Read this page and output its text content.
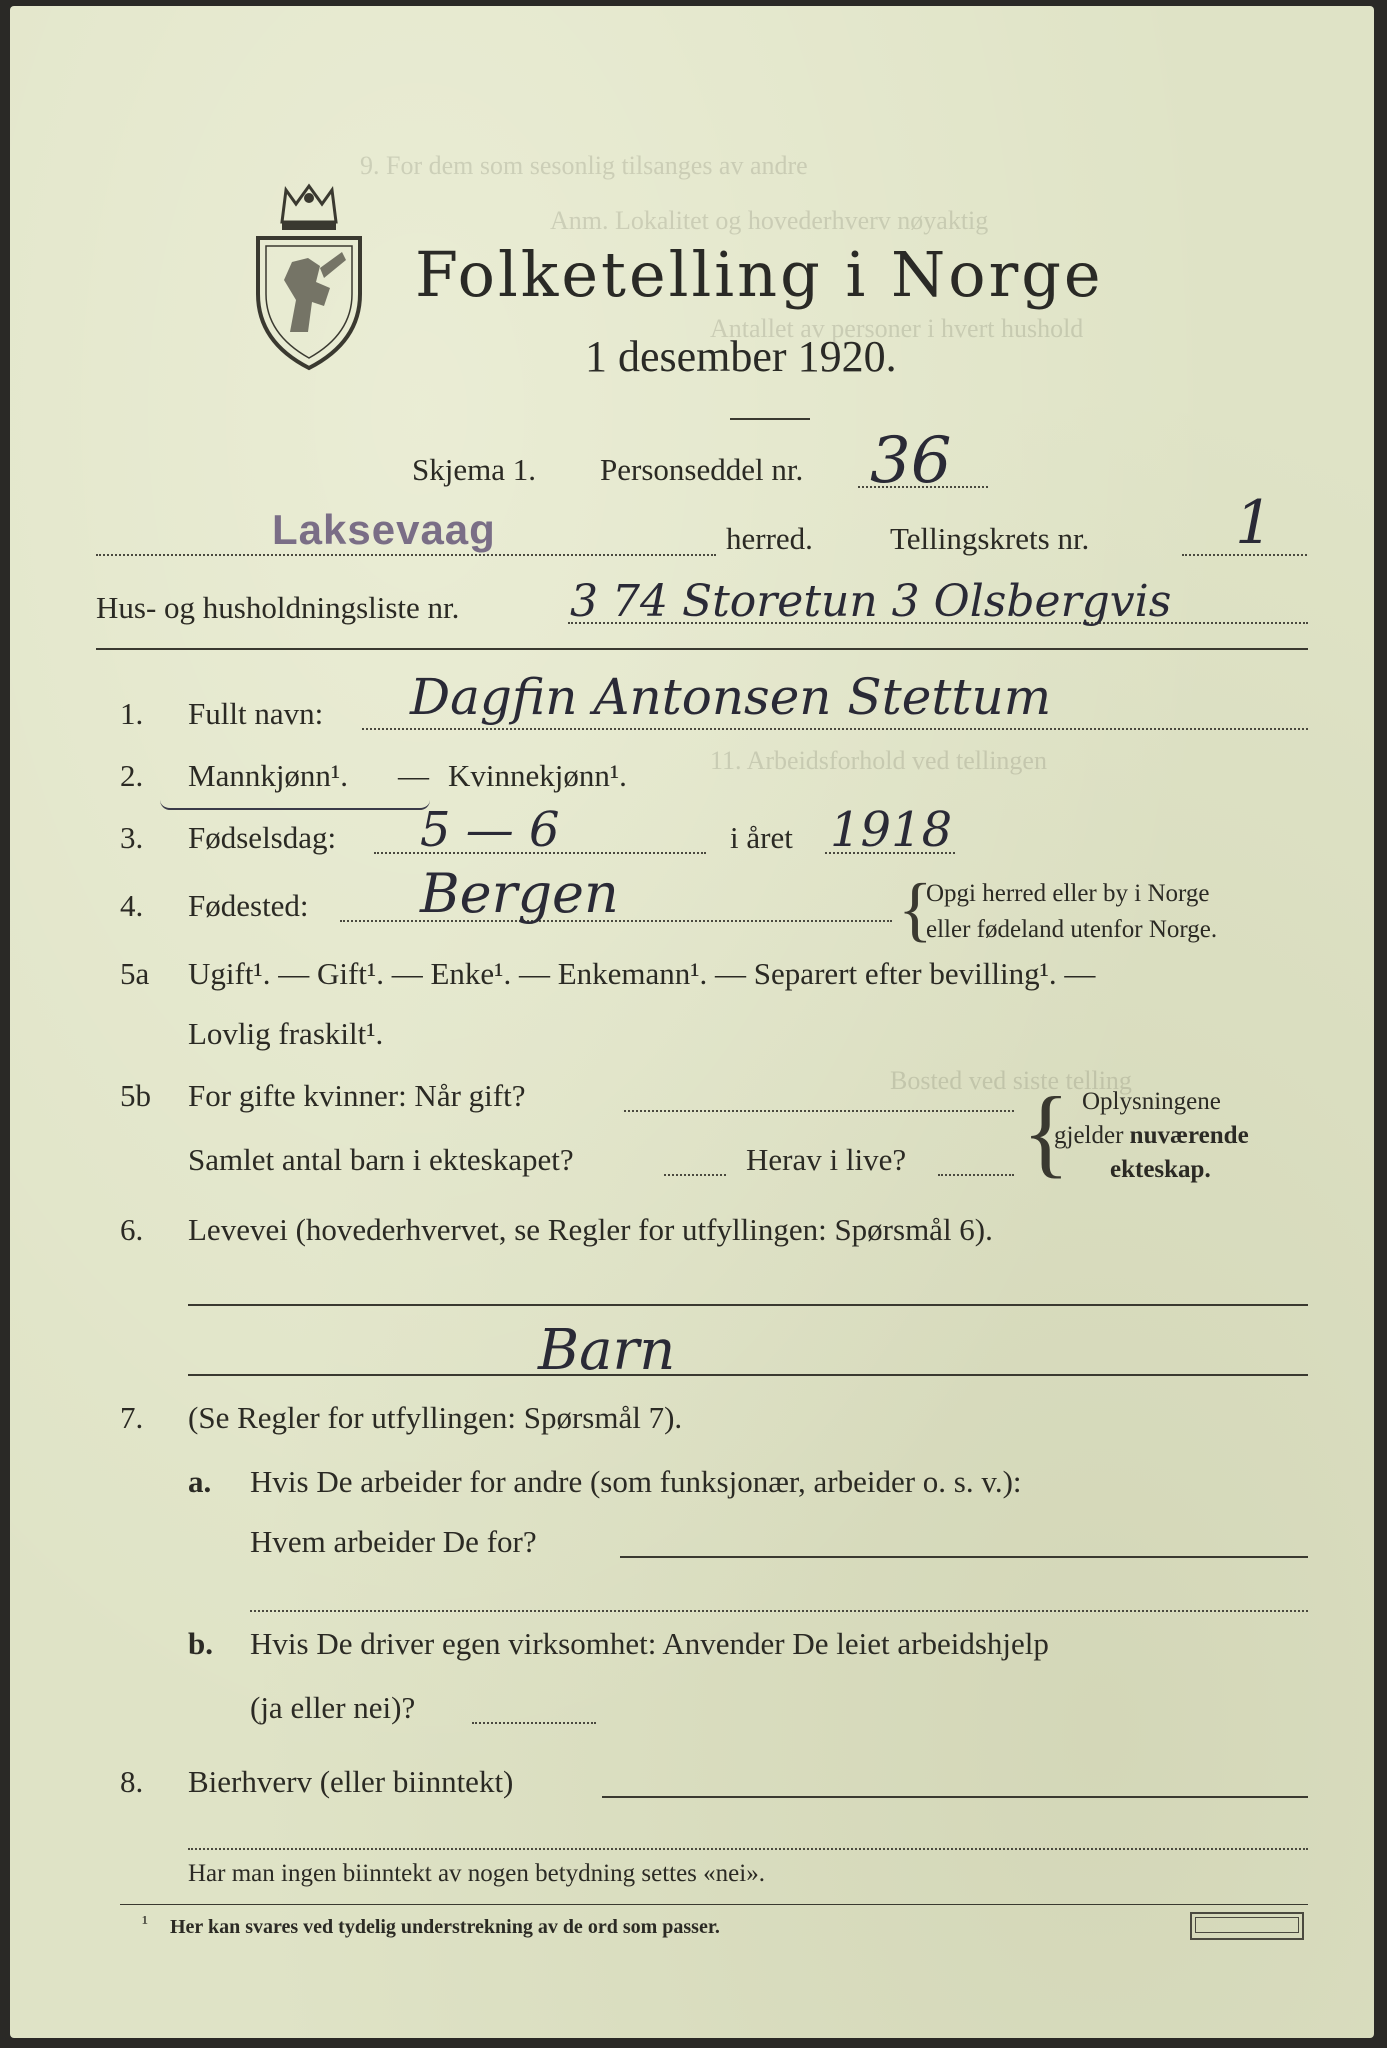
9. For dem som sesonlig tilsanges av andre
Anm. Lokalitet og hovederhverv nøyaktig
Antallet av personer i hvert hushold
11. Arbeidsforhold ved tellingen
Bosted ved siste telling
Folketelling i Norge
1 desember 1920.
Skjema 1. Personseddel nr. 36
Laksevaag	herred. Tellingskrets nr. 1
Hus- og husholdningsliste nr.	3 74 Storetun 3 Olsbergvis
1. Fullt navn: Dagfin Antonsen Stettum
2. Mannkjønn¹. — Kvinnekjønn¹.
3. Fødselsdag: 5 — 6	i året 1918
4. Fødested: Bergen	{
Opgi herred eller by i Norge
eller fødeland utenfor Norge.
5a Ugift¹. — Gift¹. — Enke¹. — Enkemann¹. — Separert efter bevilling¹. —
Lovlig fraskilt¹.
5b For gifte kvinner: Når gift?
Samlet antal barn i ekteskapet?	Herav i live? { Oplysningene
gjelder nuværende
ekteskap.
6. Levevei (hovederhvervet, se Regler for utfyllingen: Spørsmål 6).
Barn
7. (Se Regler for utfyllingen: Spørsmål 7).
a. Hvis De arbeider for andre (som funksjonær, arbeider o. s. v.):
Hvem arbeider De for?
b. Hvis De driver egen virksomhet: Anvender De leiet arbeidshjelp
(ja eller nei)?
8. Bierhverv (eller biinntekt)
Har man ingen biinntekt av nogen betydning settes «nei».
¹ Her kan svares ved tydelig understrekning av de ord som passer.
